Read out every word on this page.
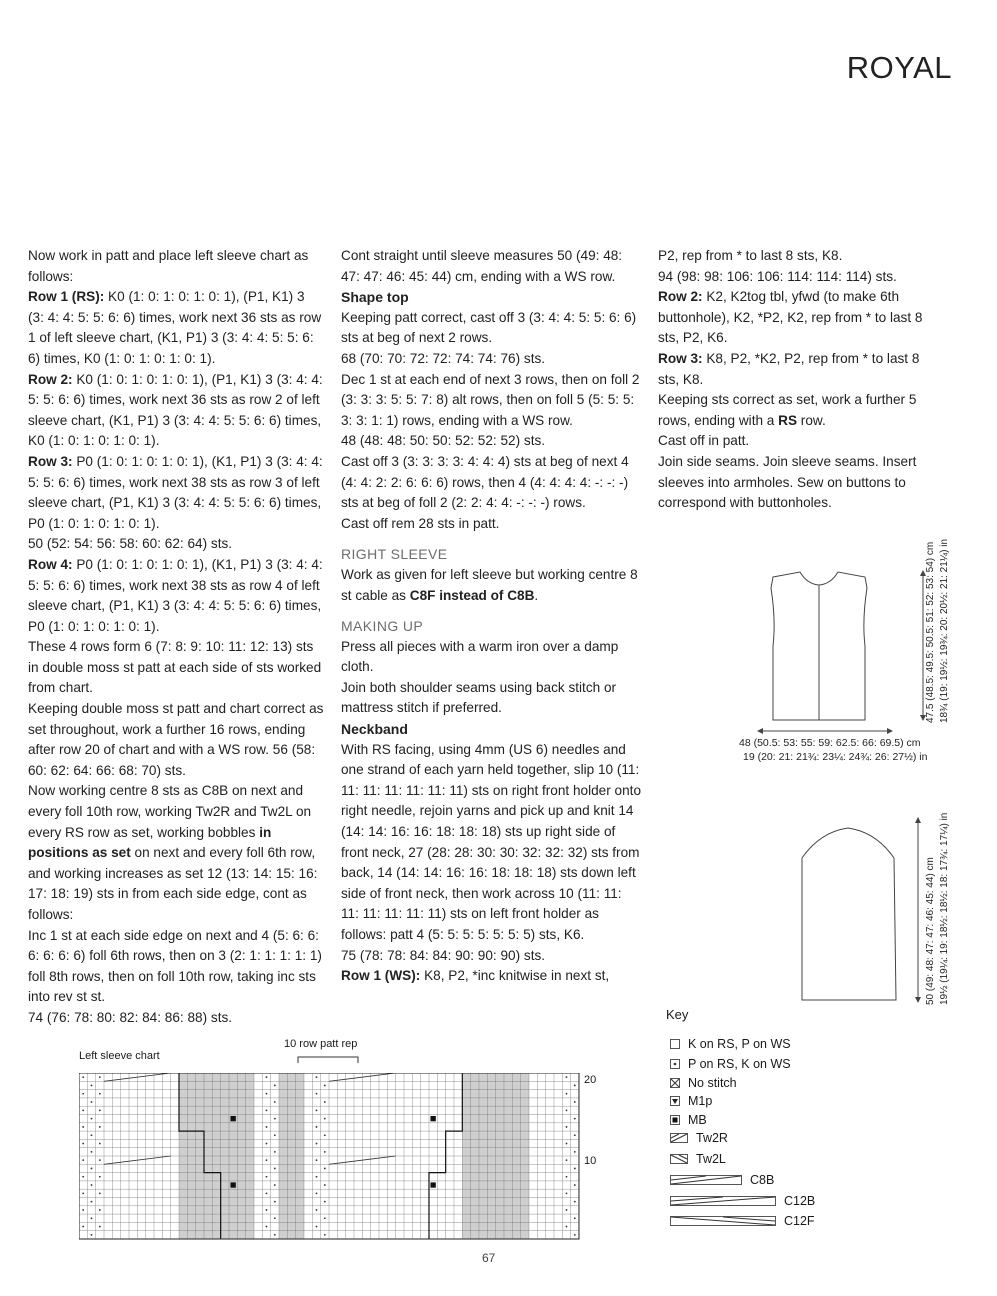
ROYAL

Now work in patt and place left sleeve chart as follows:

Row 1 (RS): K0 (1: 0: 1: 0: 1: 0: 1), (P1, K1) 3 (3: 4: 4: 5: 5: 6: 6) times, work next 36 sts as row 1 of left sleeve chart, (K1, P1) 3 (3: 4: 4: 5: 5: 6: 6) times, K0 (1: 0: 1: 0: 1: 0: 1).

Row 2: K0 (1: 0: 1: 0: 1: 0: 1), (P1, K1) 3 (3: 4: 4: 5: 5: 6: 6) times, work next 36 sts as row 2 of left sleeve chart, (K1, P1) 3 (3: 4: 4: 5: 5: 6: 6) times, K0 (1: 0: 1: 0: 1: 0: 1).

Row 3: P0 (1: 0: 1: 0: 1: 0: 1), (K1, P1) 3 (3: 4: 4: 5: 5: 6: 6) times, work next 38 sts as row 3 of left sleeve chart, (P1, K1) 3 (3: 4: 4: 5: 5: 6: 6) times, P0 (1: 0: 1: 0: 1: 0: 1).

50 (52: 54: 56: 58: 60: 62: 64) sts.

Row 4: P0 (1: 0: 1: 0: 1: 0: 1), (K1, P1) 3 (3: 4: 4: 5: 5: 6: 6) times, work next 38 sts as row 4 of left sleeve chart, (P1, K1) 3 (3: 4: 4: 5: 5: 6: 6) times, P0 (1: 0: 1: 0: 1: 0: 1).

These 4 rows form 6 (7: 8: 9: 10: 11: 12: 13) sts in double moss st patt at each side of sts worked from chart.

Keeping double moss st patt and chart correct as set throughout, work a further 16 rows, ending after row 20 of chart and with a WS row. 56 (58: 60: 62: 64: 66: 68: 70) sts.

Now working centre 8 sts as C8B on next and every foll 10th row, working Tw2R and Tw2L on every RS row as set, working bobbles in positions as set on next and every foll 6th row, and working increases as set 12 (13: 14: 15: 16: 17: 18: 19) sts in from each side edge, cont as follows:

Inc 1 st at each side edge on next and 4 (5: 6: 6: 6: 6: 6: 6) foll 6th rows, then on 3 (2: 1: 1: 1: 1: 1) foll 8th rows, then on foll 10th row, taking inc sts into rev st st.

74 (76: 78: 80: 82: 84: 86: 88) sts.

Cont straight until sleeve measures 50 (49: 48: 47: 47: 46: 45: 44) cm, ending with a WS row.

Shape top

Keeping patt correct, cast off 3 (3: 4: 4: 5: 5: 6: 6) sts at beg of next 2 rows.

68 (70: 70: 72: 72: 74: 74: 76) sts.

Dec 1 st at each end of next 3 rows, then on foll 2 (3: 3: 3: 5: 5: 7: 8) alt rows, then on foll 5 (5: 5: 5: 3: 3: 1: 1) rows, ending with a WS row.

48 (48: 48: 50: 50: 52: 52: 52) sts.

Cast off 3 (3: 3: 3: 3: 4: 4: 4) sts at beg of next 4 (4: 4: 2: 2: 6: 6: 6) rows, then 4 (4: 4: 4: 4: -: -: -) sts at beg of foll 2 (2: 2: 4: 4: -: -: -) rows.

Cast off rem 28 sts in patt.

RIGHT SLEEVE

Work as given for left sleeve but working centre 8 st cable as C8F instead of C8B.

MAKING UP

Press all pieces with a warm iron over a damp cloth.

Join both shoulder seams using back stitch or mattress stitch if preferred.

Neckband

With RS facing, using 4mm (US 6) needles and one strand of each yarn held together, slip 10 (11: 11: 11: 11: 11: 11: 11) sts on right front holder onto right needle, rejoin yarns and pick up and knit 14 (14: 14: 16: 16: 18: 18: 18) sts up right side of front neck, 27 (28: 28: 30: 30: 32: 32: 32) sts from back, 14 (14: 14: 16: 16: 18: 18: 18) sts down left side of front neck, then work across 10 (11: 11: 11: 11: 11: 11: 11) sts on left front holder as follows: patt 4 (5: 5: 5: 5: 5: 5: 5) sts, K6.

75 (78: 78: 84: 84: 90: 90: 90) sts.

Row 1 (WS): K8, P2, *inc knitwise in next st,

P2, rep from * to last 8 sts, K8.

94 (98: 98: 106: 106: 114: 114: 114) sts.

Row 2: K2, K2tog tbl, yfwd (to make 6th buttonhole), K2, *P2, K2, rep from * to last 8 sts, P2, K6.

Row 3: K8, P2, *K2, P2, rep from * to last 8 sts, K8.

Keeping sts correct as set, work a further 5 rows, ending with a RS row.

Cast off in patt.

Join side seams. Join sleeve seams. Insert sleeves into armholes. Sew on buttons to correspond with buttonholes.

48 (50.5: 53: 55: 59: 62.5: 66: 69.5) cm
19 (20: 21: 21¾: 23¼: 24¾: 26: 27½) in
47.5 (48.5: 49.5: 50.5: 51: 52: 53: 54) cm 18¾ (19: 19½: 19¾: 20: 20½: 21: 21¼) in
50 (49: 48: 47: 47: 46: 45: 44) cm 19½ (19¼: 19: 18½: 18½: 18: 17¾: 17¼) in
Left sleeve chart
10 row patt rep
20
10
Key
K on RS, P on WS
P on RS, K on WS
No stitch
M1p
MB
Tw2R
Tw2L
C8B
C12B
C12F
67
